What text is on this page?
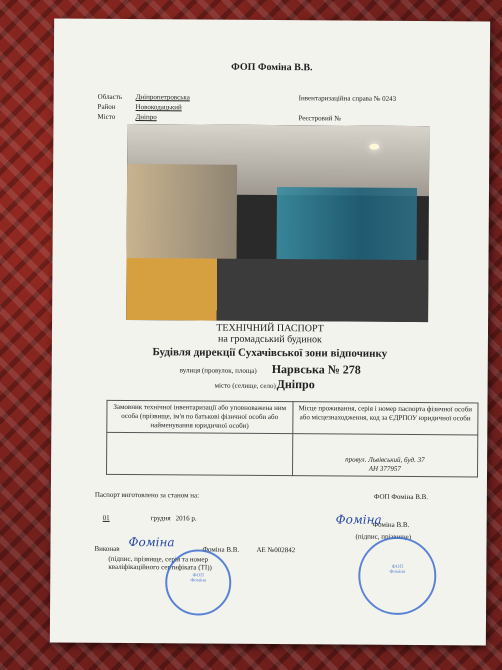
ФОП Фоміна В.В.
Область Дніпропетровська
Район	Новокодацький
Місто	Дніпро
Інвентаризаційна справа № 0243
Реєстровий №
ТЕХНІЧНИЙ ПАСПОРТ
на громадський будинок
Будівля дирекції Сухачівської зони відпочинку
вулиця (провулок, площа) Нарвська № 278
місто (селище, село) Дніпро
Замовник технічної інвентаризації або уповноважена ним особа (прізвище, ім'я по батькові фізичної особи або найменування юридичної особи)	Місце проживання, серія і номер паспорта фізичної особи або місцезнаходження, код за ЄДРПОУ юридичної особи

	провул. Львівський, буд. 37
АН 377957
Паспорт виготовлено за станом на:	ФОП Фоміна В.В.
01	грудня 2016 р.
Фоміна В.В.
(підпис, прізвище)
Фоміна
Виконав	Фоміна В.В. АЕ №002842
(підпис, прізвище, серія та номер кваліфікаційного сертифіката (ТІ))
Фоміна
ФОП
Фоміна
ФОП
Фоміна
